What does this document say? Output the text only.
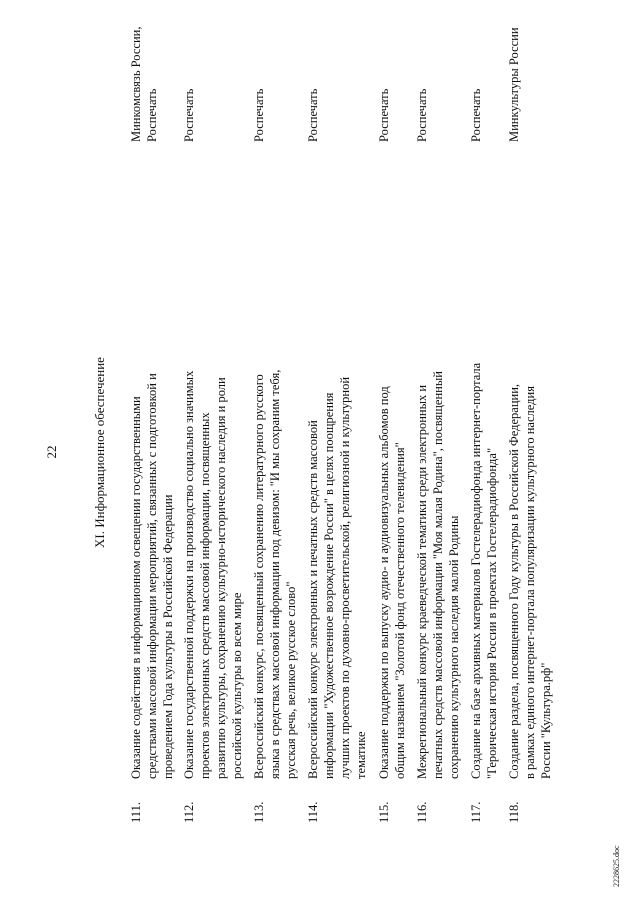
22	XI. Информационное обеспечение
111.
Оказание содействия в информационном освещении государственными средствами массовой информации мероприятий, связанных с подготовкой и проведением Года культуры в Российской Федерации
Минкомсвязь России, Роспечать
112.
Оказание государственной поддержки на производство социально значимых проектов электронных средств массовой информации, посвященных развитию культуры, сохранению культурно-исторического наследия и роли российской культуры во всем мире
Роспечать
113.
Всероссийский конкурс, посвященный сохранению литературного русского языка в средствах массовой информации под девизом: "И мы сохраним тебя, русская речь, великое русское слово"
Роспечать
114.
Всероссийский конкурс электронных и печатных средств массовой информации "Художественное возрождение России" в целях поощрения лучших проектов по духовно-просветительской, религиозной и культурной тематике
Роспечать
115.
Оказание поддержки по выпуску аудио- и аудиовизуальных альбомов под общим названием "Золотой фонд отечественного телевидения"
Роспечать
116.
Межрегиональный конкурс краеведческой тематики среди электронных и печатных средств массовой информации "Моя малая Родина", посвященный сохранению культурного наследия малой Родины
Роспечать
117.
Создание на базе архивных материалов Гостелерадиофонда интернет-портала "Героическая история России в проектах Гостелерадиофонда"
Роспечать
118.
Создание раздела, посвященного Году культуры в Российской Федерации, в рамках единого интернет-портала популяризации культурного наследия России "Культура.рф"
Минкультуры России
2228625.doc
